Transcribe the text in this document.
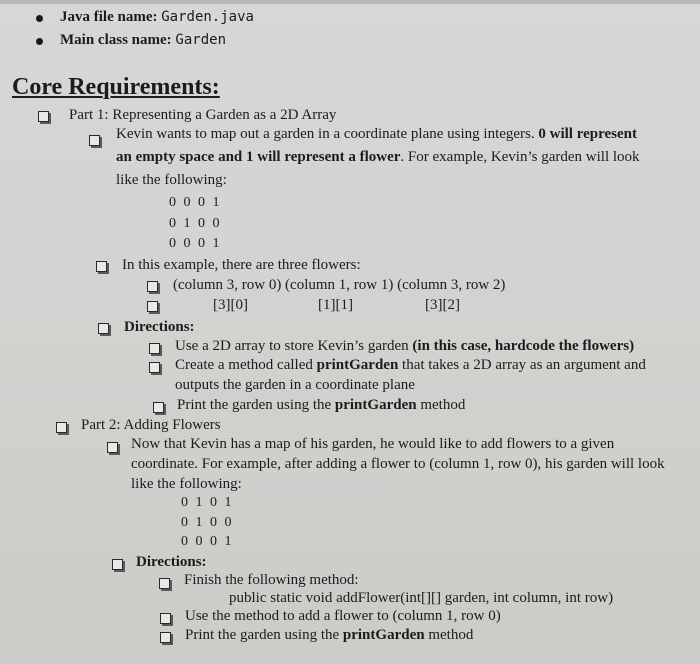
Java file name: Garden.java
Main class name: Garden
Core Requirements:
Part 1: Representing a Garden as a 2D Array
Kevin wants to map out a garden in a coordinate plane using integers. 0 will represent
an empty space and 1 will represent a flower. For example, Kevin’s garden will look
like the following:
0 0 0 1
0 1 0 0
0 0 0 1
In this example, there are three flowers:
(column 3, row 0) (column 1, row 1) (column 3, row 2)
[3][0]	[1][1]	[3][2]
Directions:
Use a 2D array to store Kevin’s garden (in this case, hardcode the flowers)
Create a method called printGarden that takes a 2D array as an argument and
outputs the garden in a coordinate plane
Print the garden using the printGarden method
Part 2: Adding Flowers
Now that Kevin has a map of his garden, he would like to add flowers to a given
coordinate. For example, after adding a flower to (column 1, row 0), his garden will look
like the following:
0 1 0 1
0 1 0 0
0 0 0 1
Directions:
Finish the following method:
public static void addFlower(int[][] garden, int column, int row)
Use the method to add a flower to (column 1, row 0)
Print the garden using the printGarden method
